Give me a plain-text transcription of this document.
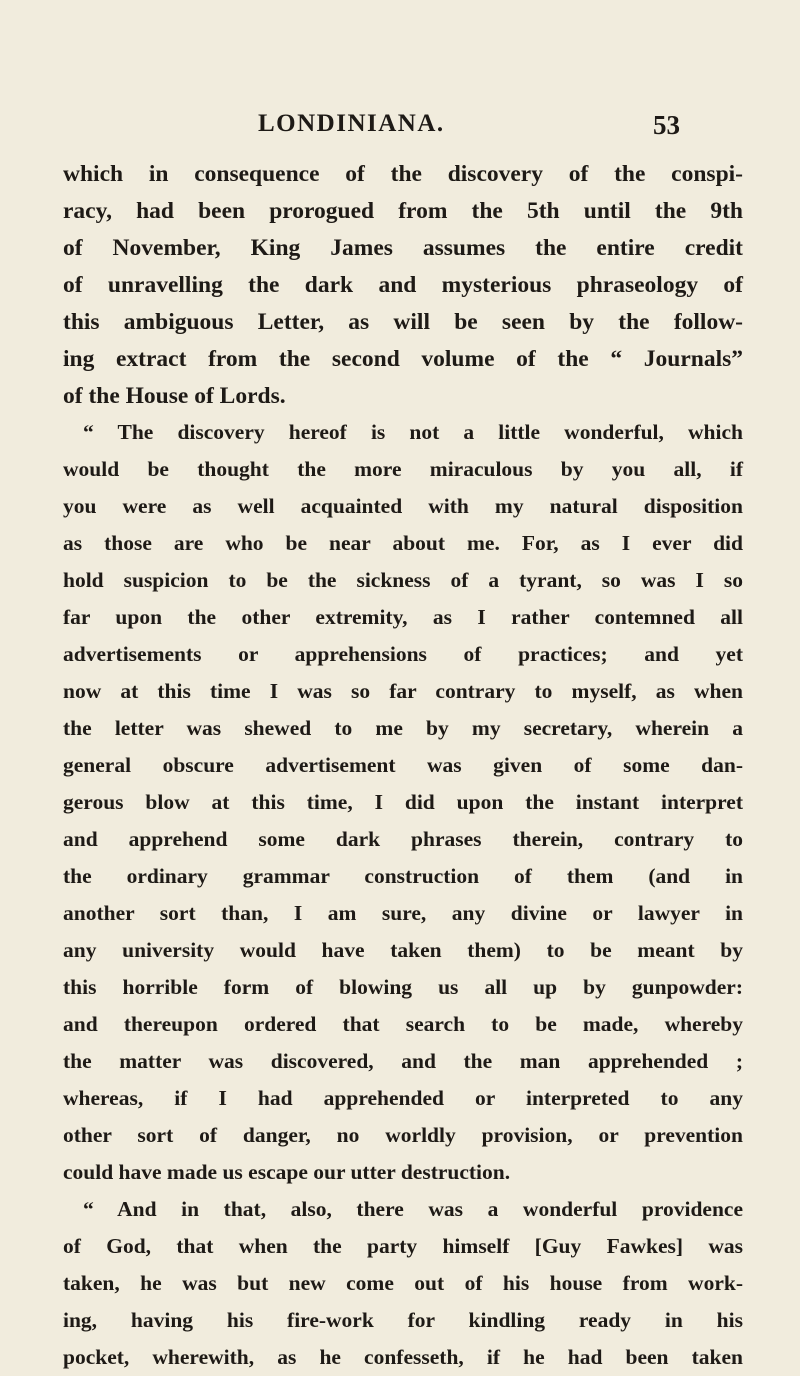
LONDINIANA.	53
which in consequence of the discovery of the conspi-
racy, had been prorogued from the 5th until the 9th
of November, King James assumes the entire credit
of unravelling the dark and mysterious phraseology of
this ambiguous Letter, as will be seen by the follow-
ing extract from the second volume of the “ Journals”
of the House of Lords.
“ The discovery hereof is not a little wonderful, which
would be thought the more miraculous by you all, if
you were as well acquainted with my natural disposition
as those are who be near about me. For, as I ever did
hold suspicion to be the sickness of a tyrant, so was I so
far upon the other extremity, as I rather contemned all
advertisements or apprehensions of practices; and yet
now at this time I was so far contrary to myself, as when
the letter was shewed to me by my secretary, wherein a
general obscure advertisement was given of some dan-
gerous blow at this time, I did upon the instant interpret
and apprehend some dark phrases therein, contrary to
the ordinary grammar construction of them (and in
another sort than, I am sure, any divine or lawyer in
any university would have taken them) to be meant by
this horrible form of blowing us all up by gunpowder:
and thereupon ordered that search to be made, whereby
the matter was discovered, and the man apprehended ;
whereas, if I had apprehended or interpreted to any
other sort of danger, no worldly provision, or prevention
could have made us escape our utter destruction.
“ And in that, also, there was a wonderful providence
of God, that when the party himself [Guy Fawkes] was
taken, he was but new come out of his house from work-
ing, having his fire-work for kindling ready in his
pocket, wherewith, as he confesseth, if he had been taken
